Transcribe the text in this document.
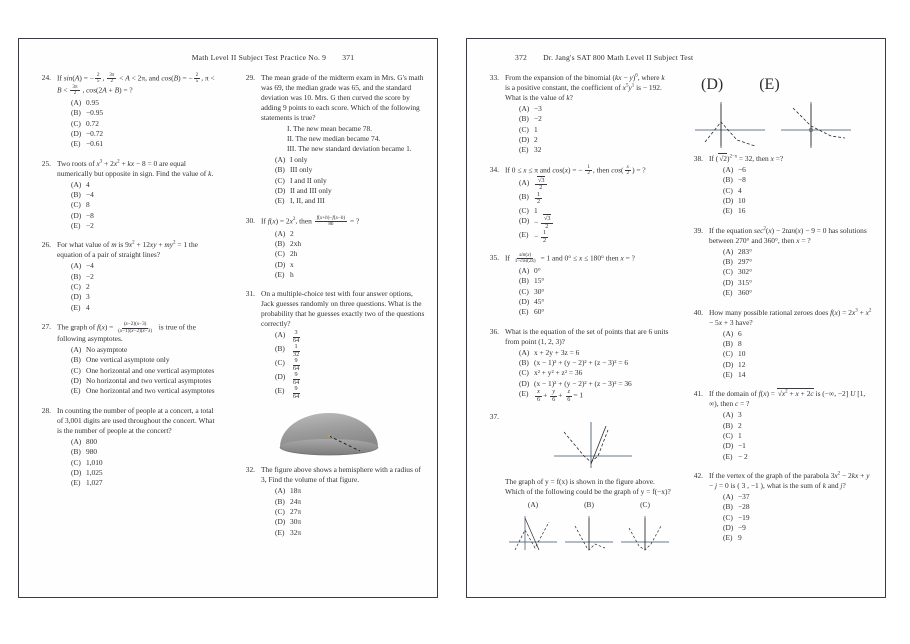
Math Level II Subject Test Practice No. 9 371
24. If sin(A) = − $\frac{2}{5}$ , $\frac{3\pi}{2} < A < 2\pi$, and cos(B) = − $\frac{2}{5}$ , $\pi < B < \frac{3\pi}{2}$ , cos(2A + B) = ?
(A) 0.95
(B) −0.95
(C) 0.72
(D) −0.72
(E) −0.61
25. Two roots of $x^3 + 2x^2$ + kx − 8 = 0 are equal numerically but opposite in sign. Find the value of k.
(A) 4
(B) −4
(C) 8
(D) −8
(E) −2
26. For what value of m is $9x^2 + 12xy + my^2 = 1$ the equation of a pair of straight lines?
(A) −4
(B) −2
(C) 2
(D) 3
(E) 4
27. The graph of $f(x) = \frac{(x-2)(x-3)}{(x-1)(x-2)(x-3)}$ is true of the following asymptotes.
(A) No asymptote
(B) One vertical asymptote only
(C) One horizontal and one vertical asymptotes
(D) No horizontal and two vertical asymptotes
(E) One horizontal and two vertical asymptotes
28. In counting the number of people at a concert, a total of 3,001 digits are used throughout the concert. What is the number of people at the concert?
(A) 800
(B) 980
(C) 1,010
(D) 1,025
(E) 1,027
29. The mean grade of the midterm exam in Mrs. G's math was 69, the median grade was 65, and the standard deviation was 10. Mrs. G then curved the score by adding 9 points to each score. Which of the following statements is true?
I. The new mean became 78.
II. The new median became 74.
III. The new standard deviation became 1.
(A) I only
(B) III only
(C) I and II only
(D) II and III only
(E) I, II, and III
30. If $f(x) = 2x^2$, then $\frac{f(x+h)-f(x-h)}{8h}$ = ?
(A) 2
(B) 2xh
(C) 2h
(D) x
(E) h
31. On a multiple-choice test with four answer options, Jack guesses randomly on three questions. What is the probability that he guesses exactly two of the questions correctly?
$(A) \frac{3}{64}$
$(B) \frac{1}{32}$
$(C) \frac{9}{64}$
$(D) \frac{9}{64}$
(E)	$\frac{9}{64}$
32. The figure above shows a hemisphere with a radius of 3, Find the volume of that figure.
(A) 18π
(B) 24π
(C) 27π
(D) 30π
(E) 32π
372 Dr. Jang's SAT 800 Math Level II Subject Test
33. From the expansion of the binomial (kx − y)$^6$, where k is a positive constant, the coefficient of $x^5y^1$ is − 192. What is the value of k?
(A) −3
(B) −2
(C) 1
(D) 2
(E) 32
34. If 0 ≤ x ≤ π and cos(x) = − $\frac{1}{2}$ , then $\cos( \frac{x}{2}$ ) = ?
$(A) \frac{√3}{2}$
$(B) \frac{1}{2}$
(C) 1
$(D) - \frac{√3}{2}$
$(E) - \frac{1}{2}$
35. If $\frac{\sin(x)}{1-\cos(2x)} = 1$ and 0° ≤ x ≤ 180° then x = ?
(A) 0°
(B) 15°
(C) 30°
(D) 45°
(E) 60°
36. What is the equation of the set of points that are 6 units from point (1, 2, 3)?
(A) x + 2y + 3z = 6
(B) (x − 1)² + (y − 2)² + (z − 3)² = 6
(C) x² + y² + z² = 36
(D) (x − 1)² + (y − 2)² + (z − 3)² = 36
(E)	$\frac{x}{6} + \frac{y}{6} + \frac{z}{6} = 1$
37.
The graph of y = f(x) is shown in the figure above. Which of the following could be the graph of y = f(−x)?
(A)	(B)	(C)
(D) (E)
38. If $(√2)^{2-x} = 32$, then x =?
(A) −6
(B) −8
(C) 4
(D) 10
(E) 16
39. If the equation $\sec^2(x) - 2\tan(x) - 9 = 0$ has solutions between 270° and 360°, then x = ?
(A) 283°
(B) 297°
(C) 302°
(D) 315°
(E) 360°
40. How many possible rational zeroes does $f(x) = 2x^3 + x^2 - 5x + 3$ have?
(A) 6
(B) 8
(C) 10
(D) 12
(E) 14
41. If the domain of $f(x) = √x^2 + x + 2c$ is (−∞, −2] U [1, ∞), then c = ?
(A) 3
(B) 2
(C) 1
(D) −1
(E) − 2
42. If the vertex of the graph of the parabola $3x^2 - 2kx + y - j = 0$ is ( 3 , −1 ), what is the sum of k and j?
(A) −37
(B) −28
(C) −19
(D) −9
(E) 9
